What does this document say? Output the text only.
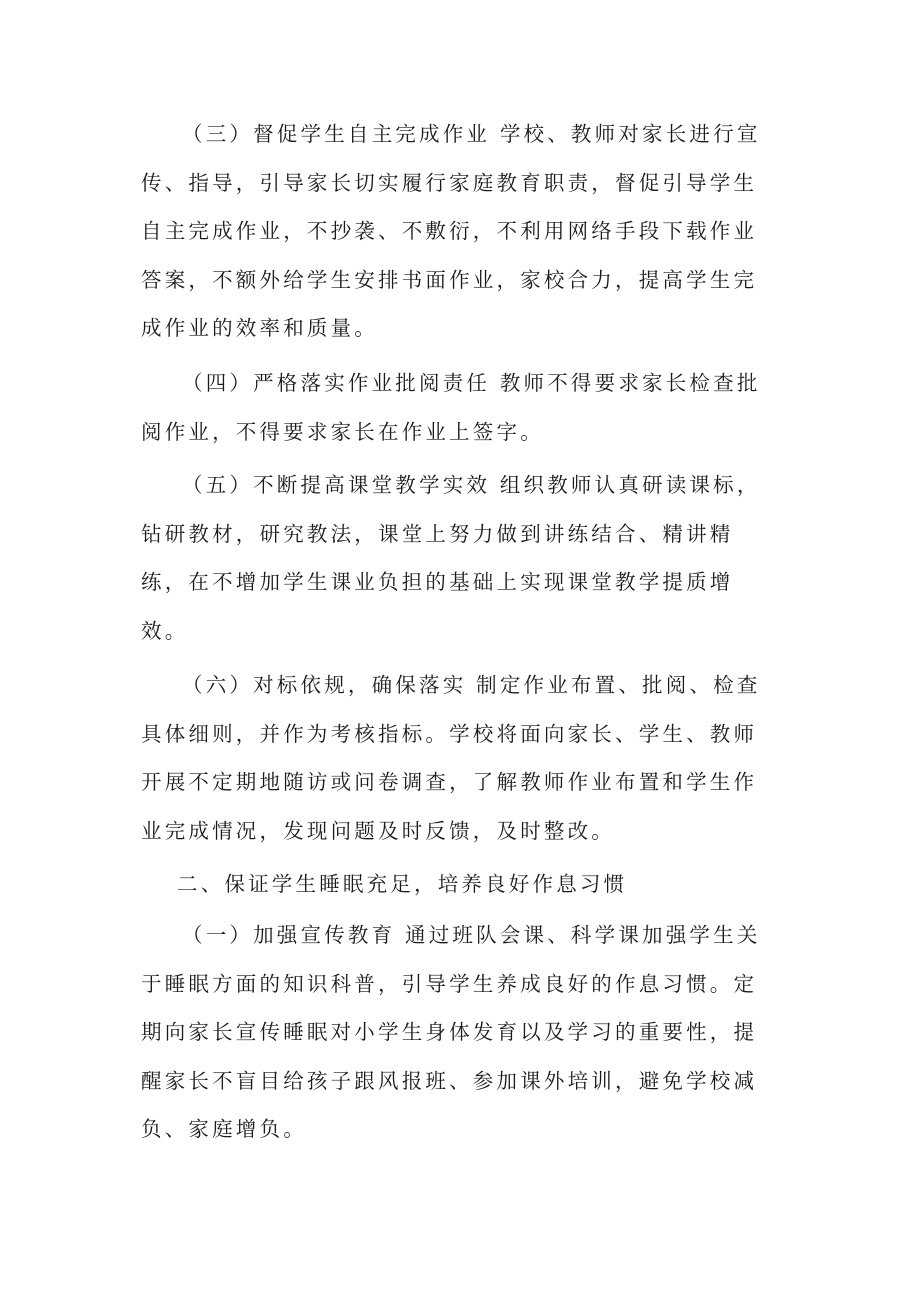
（三）督促学生自主完成作业 学校、教师对家长进行宣
传、指导，引导家长切实履行家庭教育职责，督促引导学生
自主完成作业，不抄袭、不敷衍，不利用网络手段下载作业
答案，不额外给学生安排书面作业，家校合力，提高学生完
成作业的效率和质量。

（四）严格落实作业批阅责任 教师不得要求家长检查批
阅作业，不得要求家长在作业上签字。

（五）不断提高课堂教学实效 组织教师认真研读课标，
钻研教材，研究教法，课堂上努力做到讲练结合、精讲精
练，在不增加学生课业负担的基础上实现课堂教学提质增
效。

（六）对标依规，确保落实 制定作业布置、批阅、检查
具体细则，并作为考核指标。学校将面向家长、学生、教师
开展不定期地随访或问卷调查，了解教师作业布置和学生作
业完成情况，发现问题及时反馈，及时整改。

二、保证学生睡眠充足，培养良好作息习惯

（一）加强宣传教育 通过班队会课、科学课加强学生关
于睡眠方面的知识科普，引导学生养成良好的作息习惯。定
期向家长宣传睡眠对小学生身体发育以及学习的重要性，提
醒家长不盲目给孩子跟风报班、参加课外培训，避免学校减
负、家庭增负。
